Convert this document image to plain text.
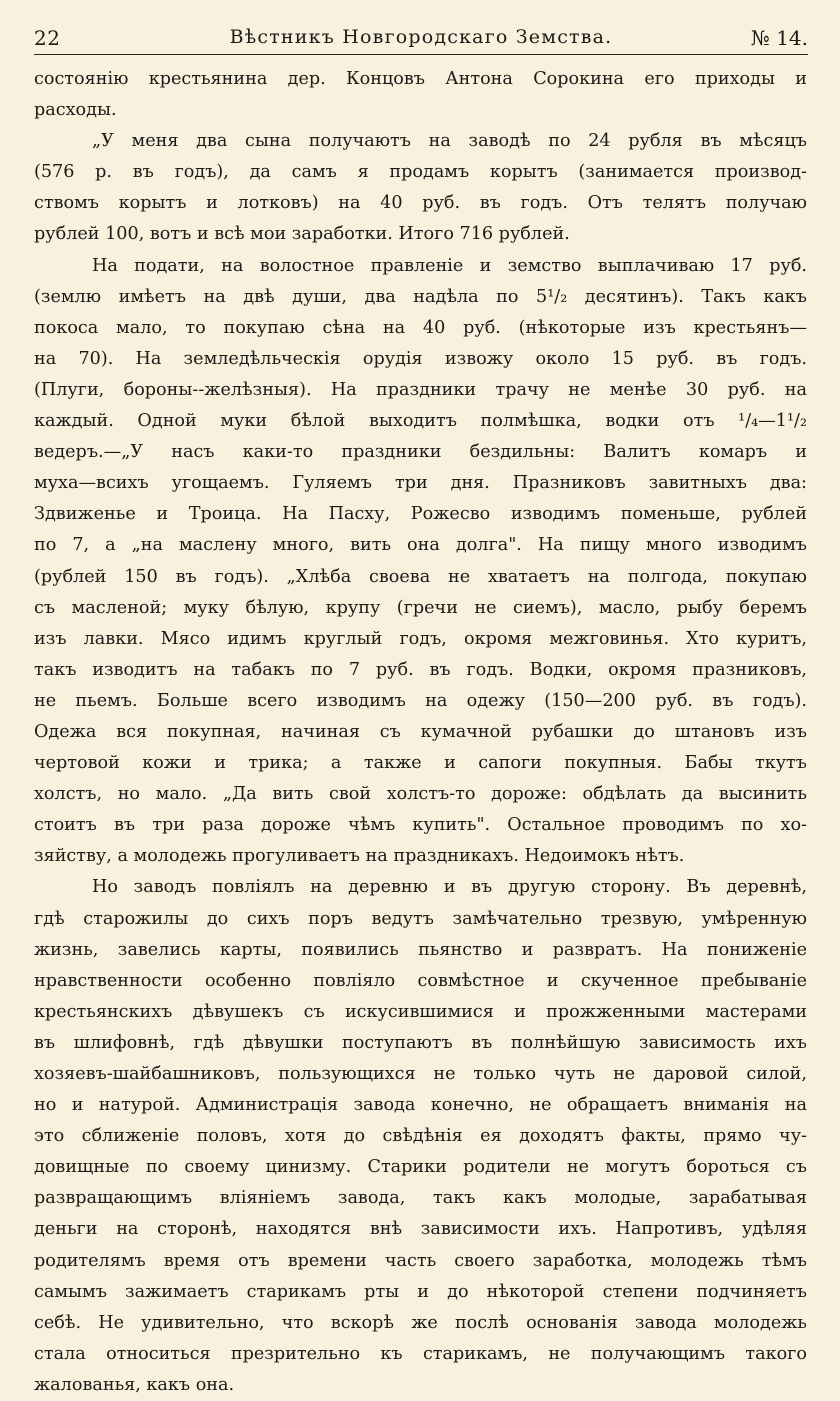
22	Вѣстникъ Новгородскаго Земства.	№ 14.
состоянію крестьянина дер. Концовъ Антона Сорокина его приходы и
расходы.
„У меня два сына получаютъ на заводѣ по 24 рубля въ мѣсяцъ
(576 р. въ годъ), да самъ я продамъ корытъ (занимается производ-
ствомъ корытъ и лотковъ) на 40 руб. въ годъ. Отъ телятъ получаю
рублей 100, вотъ и всѣ мои заработки. Итого 716 рублей.
На подати, на волостное правленіе и земство выплачиваю 17 руб.
(землю имѣетъ на двѣ души, два надѣла по 5¹/₂ десятинъ). Такъ какъ
покоса мало, то покупаю сѣна на 40 руб. (нѣкоторые изъ крестьянъ—
на 70). На земледѣльческія орудія извожу около 15 руб. въ годъ.
(Плуги, бороны--желѣзныя). На праздники трачу не менѣе 30 руб. на
каждый. Одной муки бѣлой выходитъ полмѣшка, водки отъ ¹/₄—1¹/₂
ведеръ.—„У насъ каки-то праздники бездильны: Валитъ комаръ и
муха—всихъ угощаемъ. Гуляемъ три дня. Празниковъ завитныхъ два:
Здвиженье и Троица. На Пасху, Рожесво изводимъ поменьше, рублей
по 7, а „на маслену много, вить она долга". На пищу много изводимъ
(рублей 150 въ годъ). „Хлѣба своева не хватаетъ на полгода, покупаю
съ масленой; муку бѣлую, крупу (гречи не сиемъ), масло, рыбу беремъ
изъ лавки. Мясо идимъ круглый годъ, окромя межговинья. Хто куритъ,
такъ изводитъ на табакъ по 7 руб. въ годъ. Водки, окромя празниковъ,
не пьемъ. Больше всего изводимъ на одежу (150—200 руб. въ годъ).
Одежа вся покупная, начиная съ кумачной рубашки до штановъ изъ
чертовой кожи и трика; а также и сапоги покупныя. Бабы ткутъ
холстъ, но мало. „Да вить свой холстъ-то дороже: обдѣлать да высинить
стоитъ въ три раза дороже чѣмъ купить". Остальное проводимъ по хо-
зяйству, а молодежь прогуливаетъ на праздникахъ. Недоимокъ нѣтъ.
Но заводъ повліялъ на деревню и въ другую сторону. Въ деревнѣ,
гдѣ старожилы до сихъ поръ ведутъ замѣчательно трезвую, умѣренную
жизнь, завелись карты, появились пьянство и развратъ. На пониженіе
нравственности особенно повліяло совмѣстное и скученное пребываніе
крестьянскихъ дѣвушекъ съ искусившимися и прожженными мастерами
въ шлифовнѣ, гдѣ дѣвушки поступаютъ въ полнѣйшую зависимость ихъ
хозяевъ-шайбашниковъ, пользующихся не только чуть не даровой силой,
но и натурой. Администрація завода конечно, не обращаетъ вниманія на
это сближеніе половъ, хотя до свѣдѣнія ея доходятъ факты, прямо чу-
довищные по своему цинизму. Старики родители не могутъ бороться съ
развращающимъ вліяніемъ завода, такъ какъ молодые, зарабатывая
деньги на сторонѣ, находятся внѣ зависимости ихъ. Напротивъ, удѣляя
родителямъ время отъ времени часть своего заработка, молодежь тѣмъ
самымъ зажимаетъ старикамъ рты и до нѣкоторой степени подчиняетъ
себѣ. Не удивительно, что вскорѣ же послѣ основанія завода молодежь
стала относиться презрительно къ старикамъ, не получающимъ такого
жалованья, какъ она.
